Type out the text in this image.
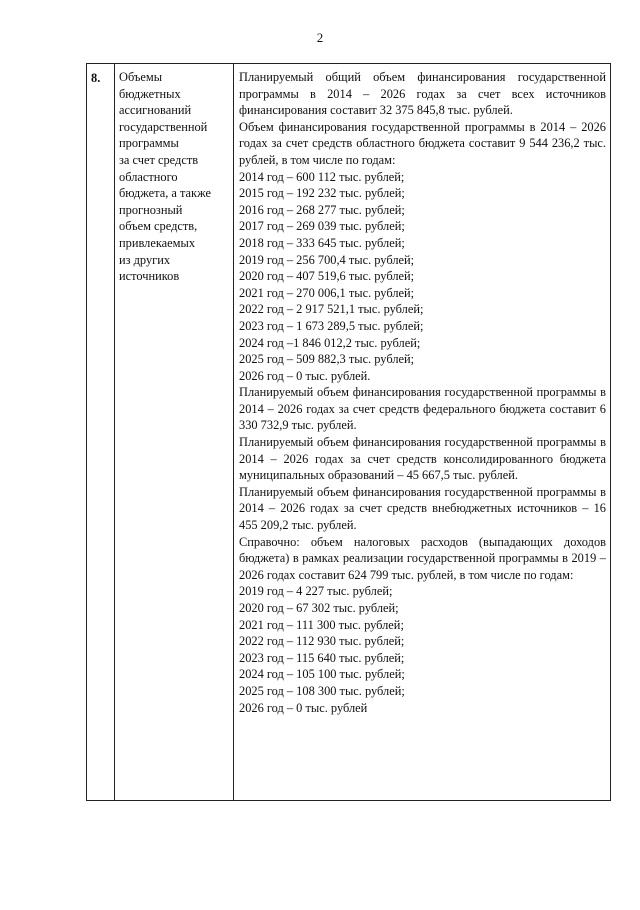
2
8.	Объемы
бюджетных
ассигнований
государственной
программы
за счет средств
областного
бюджета, а также
прогнозный
объем средств,
привлекаемых
из других
источников

Планируемый общий объем финансирования государственной программы в 2014 – 2026 годах за счет всех источников финансирования составит 32 375 845,8 тыс. рублей.

Объем финансирования государственной программы в 2014 – 2026 годах за счет средств областного бюджета составит 9 544 236,2 тыс. рублей, в том числе по годам:

2014 год – 600 112 тыс. рублей;
2015 год – 192 232 тыс. рублей;
2016 год – 268 277 тыс. рублей;
2017 год – 269 039 тыс. рублей;
2018 год – 333 645 тыс. рублей;
2019 год – 256 700,4 тыс. рублей;
2020 год – 407 519,6 тыс. рублей;
2021 год – 270 006,1 тыс. рублей;
2022 год – 2 917 521,1 тыс. рублей;
2023 год – 1 673 289,5 тыс. рублей;
2024 год –1 846 012,2 тыс. рублей;
2025 год – 509 882,3 тыс. рублей;
2026 год – 0 тыс. рублей.

Планируемый объем финансирования государственной программы в 2014 – 2026 годах за счет средств федерального бюджета составит 6 330 732,9 тыс. рублей.

Планируемый объем финансирования государственной программы в 2014 – 2026 годах за счет средств консолидированного бюджета муниципальных образований – 45 667,5 тыс. рублей.

Планируемый объем финансирования государственной программы в 2014 – 2026 годах за счет средств внебюджетных источников – 16 455 209,2 тыс. рублей.

Справочно: объем налоговых расходов (выпадающих доходов бюджета) в рамках реализации государственной программы в 2019 – 2026 годах составит 624 799 тыс. рублей, в том числе по годам:

2019 год – 4 227 тыс. рублей;
2020 год – 67 302 тыс. рублей;
2021 год – 111 300 тыс. рублей;
2022 год – 112 930 тыс. рублей;
2023 год – 115 640 тыс. рублей;
2024 год – 105 100 тыс. рублей;
2025 год – 108 300 тыс. рублей;
2026 год – 0 тыс. рублей
